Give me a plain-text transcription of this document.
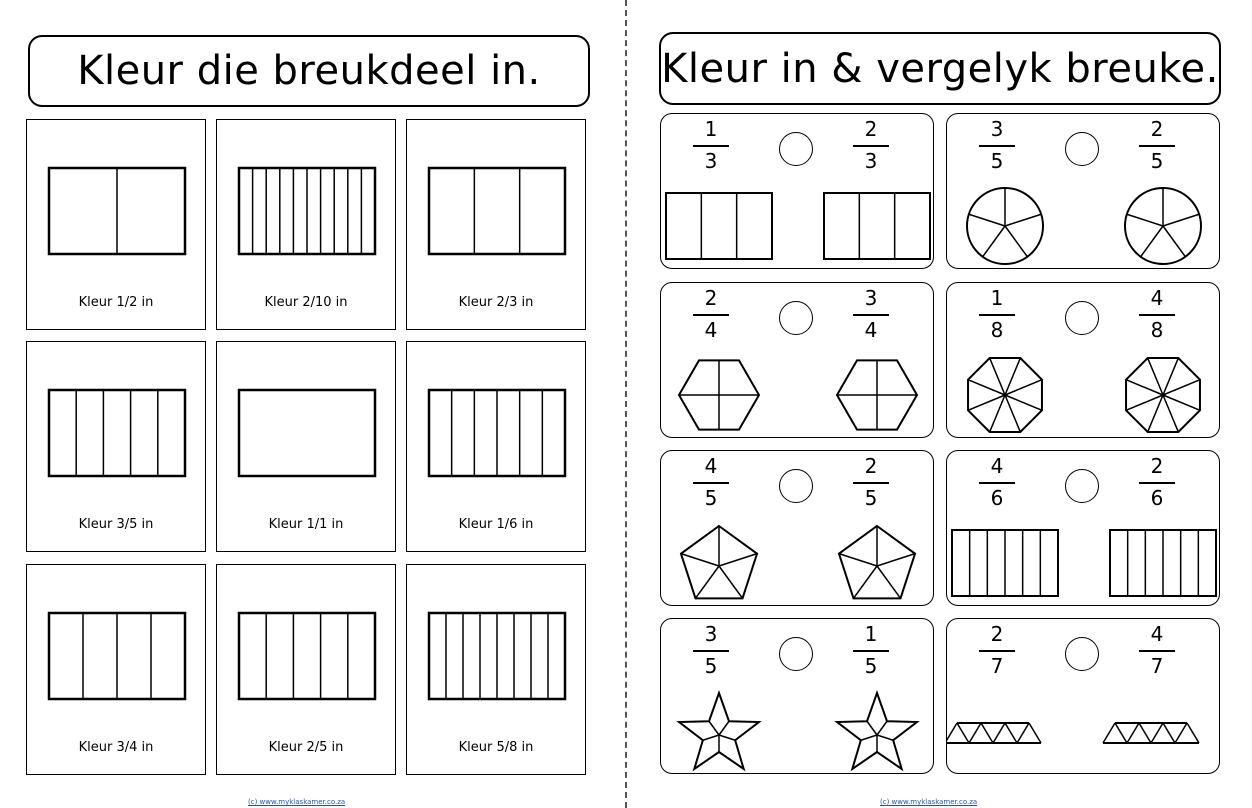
Kleur die breukdeel in.	Kleur in & vergelyk breuke.
Kleur 1/2 in	Kleur 2/10 in	Kleur 2/3 in
Kleur 3/5 in	Kleur 1/1 in	Kleur 1/6 in
Kleur 3/4 in	Kleur 2/5 in	Kleur 5/8 in
1
3
2
3
3
5
2
5
2
4
3
4
1
8
4
8
4
5
2
5
4
6
2
6
3
5
1
5
2
7
4
7
(c) www.myklaskamer.co.za	(c) www.myklaskamer.co.za
